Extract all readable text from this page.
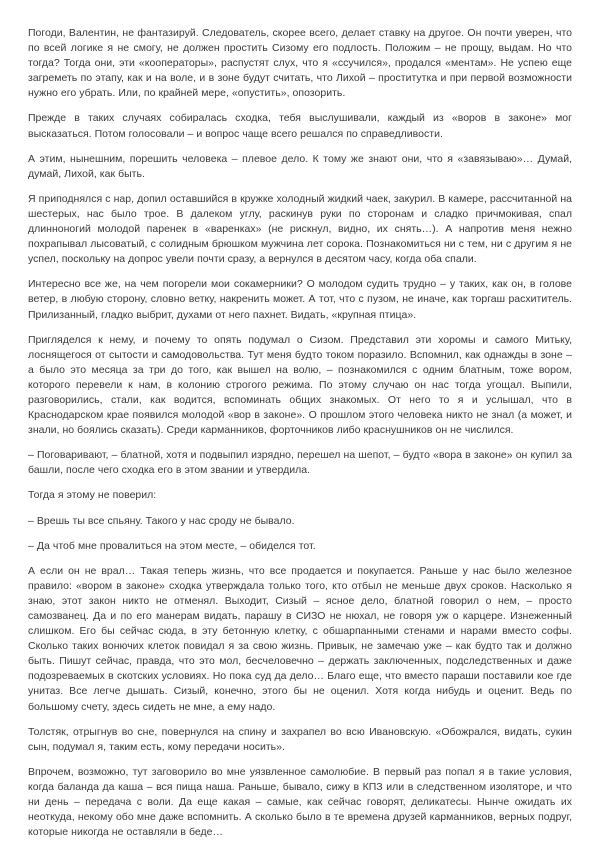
Погоди, Валентин, не фантазируй. Следователь, скорее всего, делает ставку на другое. Он почти уверен, что по всей логике я не смогу, не должен простить Сизому его подлость. Положим – не прощу, выдам. Но что тогда? Тогда они, эти «кооператоры», распустят слух, что я «ссучился», продался «ментам». Не успею еще загреметь по этапу, как и на воле, и в зоне будут считать, что Лихой – проститутка и при первой возможности нужно его убрать. Или, по крайней мере, «опустить», опозорить.

Прежде в таких случаях собиралась сходка, тебя выслушивали, каждый из «воров в законе» мог высказаться. Потом голосовали – и вопрос чаще всего решался по справедливости.

А этим, нынешним, порешить человека – плевое дело. К тому же знают они, что я «завязываю»… Думай, думай, Лихой, как быть.

Я приподнялся с нар, допил оставшийся в кружке холодный жидкий чаек, закурил. В камере, рассчитанной на шестерых, нас было трое. В далеком углу, раскинув руки по сторонам и сладко причмокивая, спал длинноногий молодой паренек в «варенках» (не рискнул, видно, их снять…). А напротив меня нежно похрапывал лысоватый, с солидным брюшком мужчина лет сорока. Познакомиться ни с тем, ни с другим я не успел, поскольку на допрос увели почти сразу, а вернулся в десятом часу, когда оба спали.

Интересно все же, на чем погорели мои сокамерники? О молодом судить трудно – у таких, как он, в голове ветер, в любую сторону, словно ветку, накренить может. А тот, что с пузом, не иначе, как торгаш расхититель. Прилизанный, гладко выбрит, духами от него пахнет. Видать, «крупная птица».

Пригляделся к нему, и почему то опять подумал о Сизом. Представил эти хоромы и самого Митьку, лоснящегося от сытости и самодовольства. Тут меня будто током поразило. Вспомнил, как однажды в зоне – а было это месяца за три до того, как вышел на волю, – познакомился с одним блатным, тоже вором, которого перевели к нам, в колонию строгого режима. По этому случаю он нас тогда угощал. Выпили, разговорились, стали, как водится, вспоминать общих знакомых. От него то я и услышал, что в Краснодарском крае появился молодой «вор в законе». О прошлом этого человека никто не знал (а может, и знали, но боялись сказать). Среди карманников, форточников либо краснушников он не числился.

– Поговаривают, – блатной, хотя и подвыпил изрядно, перешел на шепот, – будто «вора в законе» он купил за башли, после чего сходка его в этом звании и утвердила.

Тогда я этому не поверил:

– Врешь ты все спьяну. Такого у нас сроду не бывало.

– Да чтоб мне провалиться на этом месте, – обиделся тот.

А если он не врал… Такая теперь жизнь, что все продается и покупается. Раньше у нас было железное правило: «вором в законе» сходка утверждала только того, кто отбыл не меньше двух сроков. Насколько я знаю, этот закон никто не отменял. Выходит, Сизый – ясное дело, блатной говорил о нем, – просто самозванец. Да и по его манерам видать, парашу в СИЗО не нюхал, не говоря уж о карцере. Изнеженный слишком. Его бы сейчас сюда, в эту бетонную клетку, с обшарпанными стенами и нарами вместо софы. Сколько таких вонючих клеток повидал я за свою жизнь. Привык, не замечаю уже – как будто так и должно быть. Пишут сейчас, правда, что это мол, бесчеловечно – держать заключенных, подследственных и даже подозреваемых в скотских условиях. Но пока суд да дело… Благо еще, что вместо параши поставили кое где унитаз. Все легче дышать. Сизый, конечно, этого бы не оценил. Хотя когда нибудь и оценит. Ведь по большому счету, здесь сидеть не мне, а ему надо.

Толстяк, отрыгнув во сне, повернулся на спину и захрапел во всю Ивановскую. «Обожрался, видать, сукин сын, подумал я, таким есть, кому передачи носить».

Впрочем, возможно, тут заговорило во мне уязвленное самолюбие. В первый раз попал я в такие условия, когда баланда да каша – вся пища наша. Раньше, бывало, сижу в КПЗ или в следственном изоляторе, и что ни день – передача с воли. Да еще какая – самые, как сейчас говорят, деликатесы. Нынче ожидать их неоткуда, некому обо мне даже вспомнить. А сколько было в те времена друзей карманников, верных подруг, которые никогда не оставляли в беде…
